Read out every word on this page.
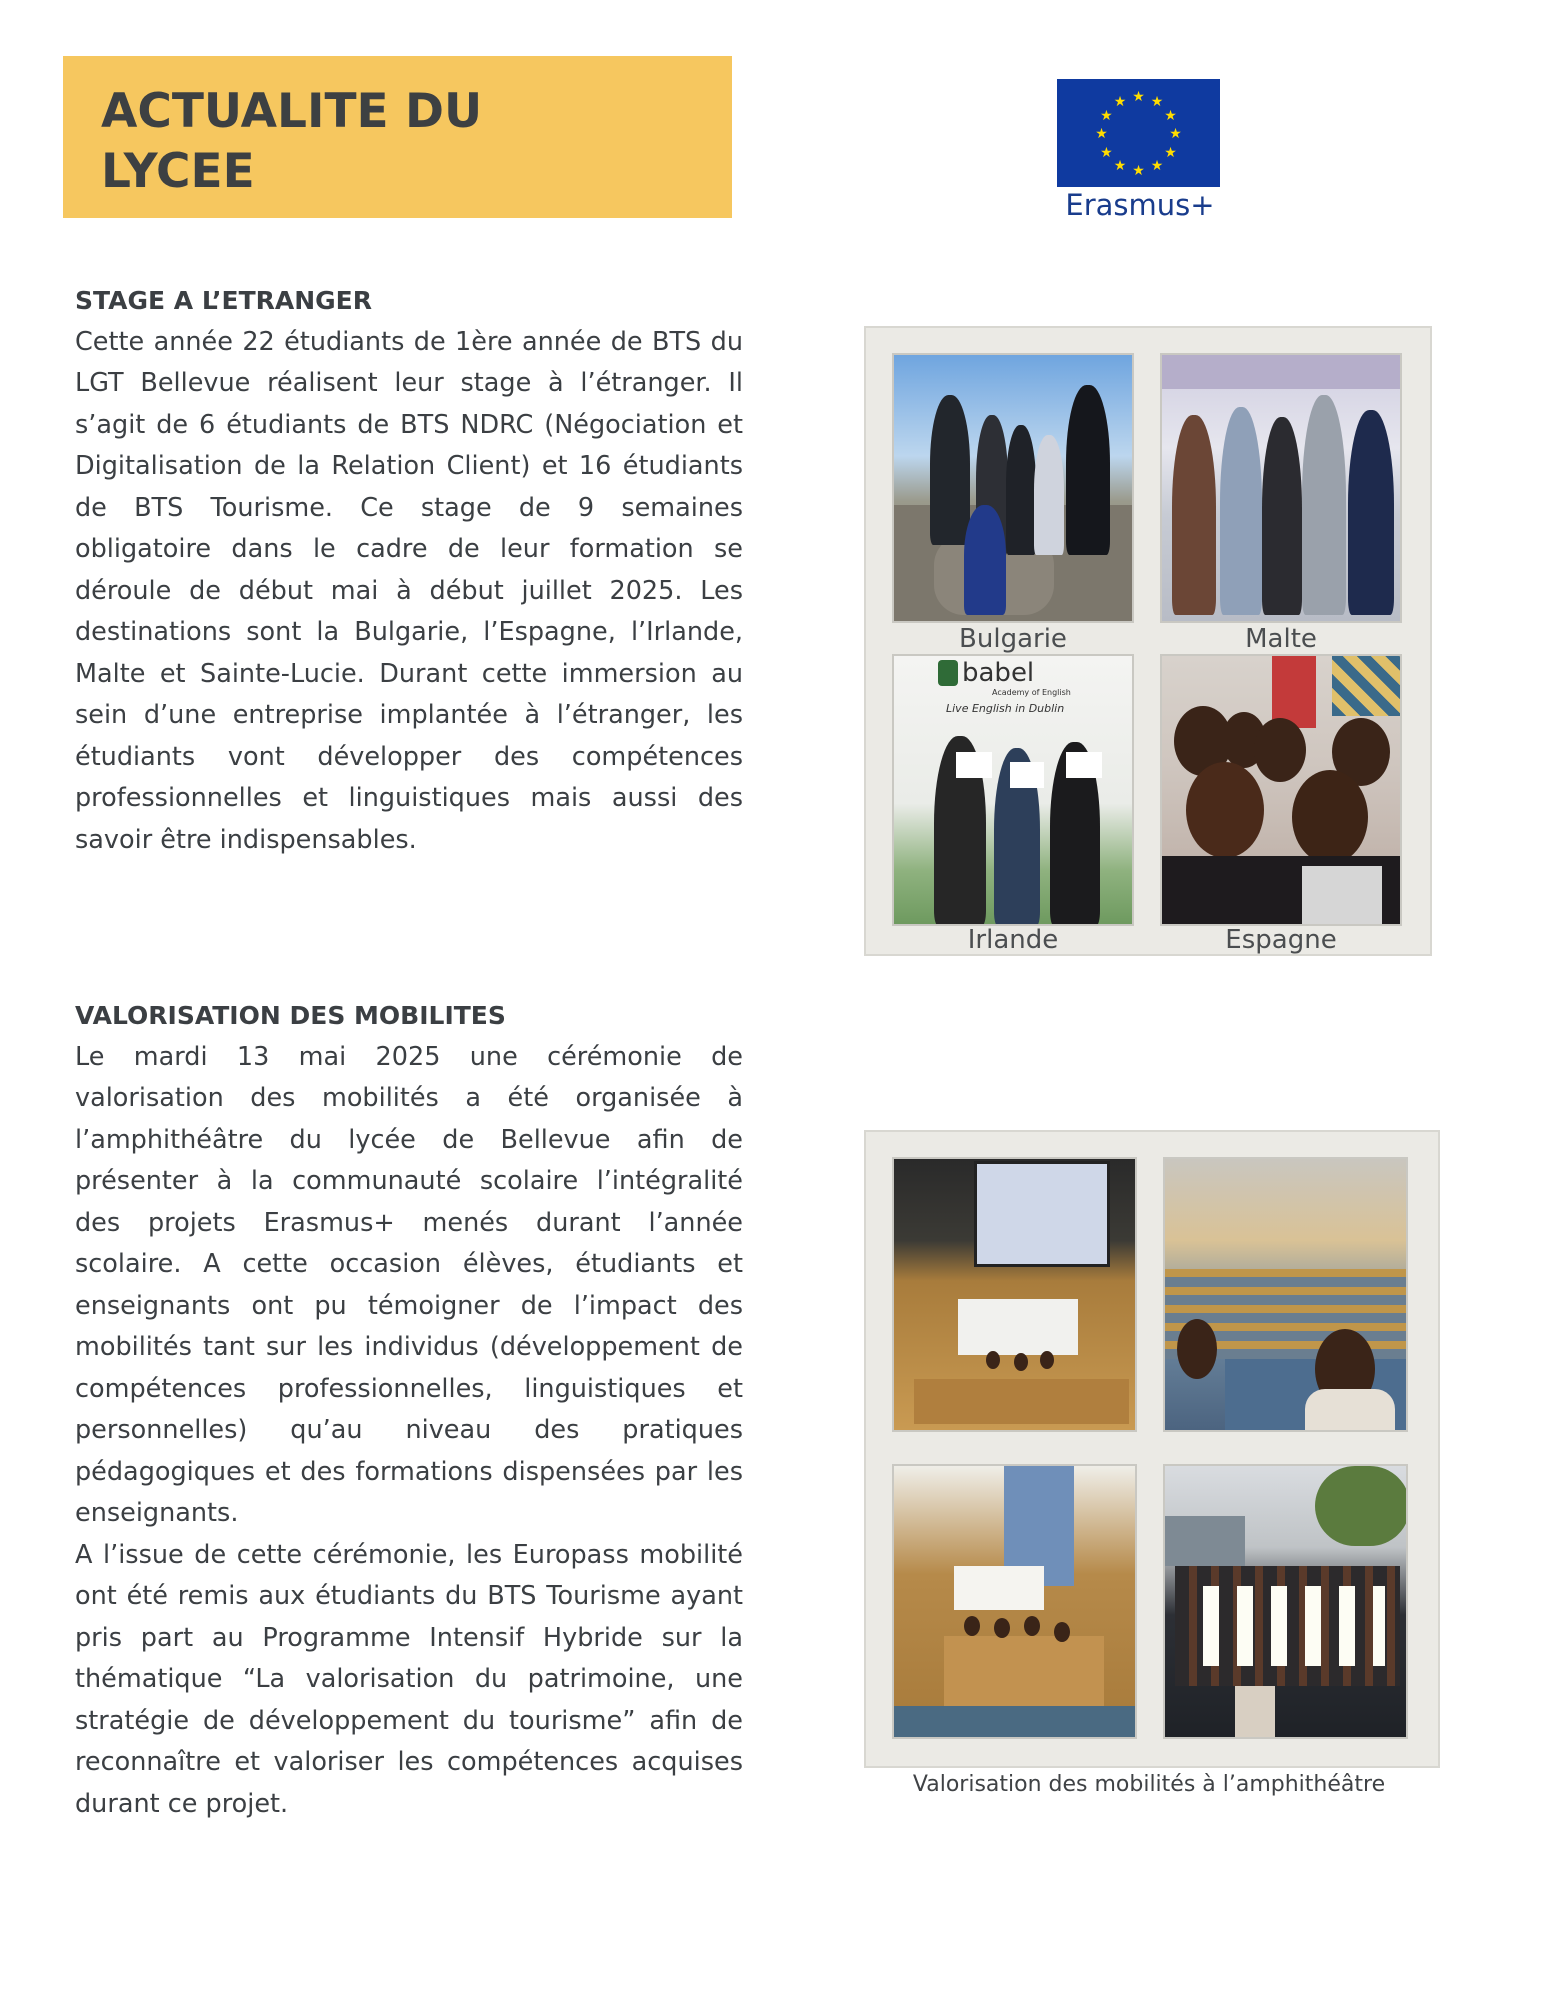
ACTUALITE DU
LYCEE
★ ★
★
★
★
★
★
★
★
★
★
★
Erasmus+
STAGE A L’ETRANGER

Cette année 22 étudiants de 1ère année de BTS du LGT Bellevue réalisent leur stage à l’étranger. Il s’agit de 6 étudiants de BTS NDRC (Négociation et Digitalisation de la Relation Client) et 16 étudiants de BTS Tourisme. Ce stage de 9 semaines obligatoire dans le cadre de leur formation se déroule de début mai à début juillet 2025. Les destinations sont la Bulgarie, l’Espagne, l’Irlande, Malte et Sainte-Lucie. Durant cette immersion au sein d’une entreprise implantée à l’étranger, les étudiants vont développer des compétences professionnelles et linguistiques mais aussi des savoir être indispensables.

VALORISATION DES MOBILITES

Le mardi 13 mai 2025 une cérémonie de valorisation des mobilités a été organisée à l’amphithéâtre du lycée de Bellevue afin de présenter à la communauté scolaire l’intégralité des projets Erasmus+ menés durant l’année scolaire. A cette occasion élèves, étudiants et enseignants ont pu témoigner de l’impact des mobilités tant sur les individus (développement de compétences professionnelles, linguistiques et personnelles) qu’au niveau des pratiques pédagogiques et des formations dispensées par les enseignants.

A l’issue de cette cérémonie, les Europass mobilité ont été remis aux étudiants du BTS Tourisme ayant pris part au Programme Intensif Hybride sur la thématique “La valorisation du patrimoine, une stratégie de développement du tourisme” afin de reconnaître et valoriser les compétences acquises durant ce projet.

babel
Academy of English
Live English in Dublin
Bulgarie	Malte
Irlande	Espagne
Valorisation des mobilités à l’amphithéâtre
